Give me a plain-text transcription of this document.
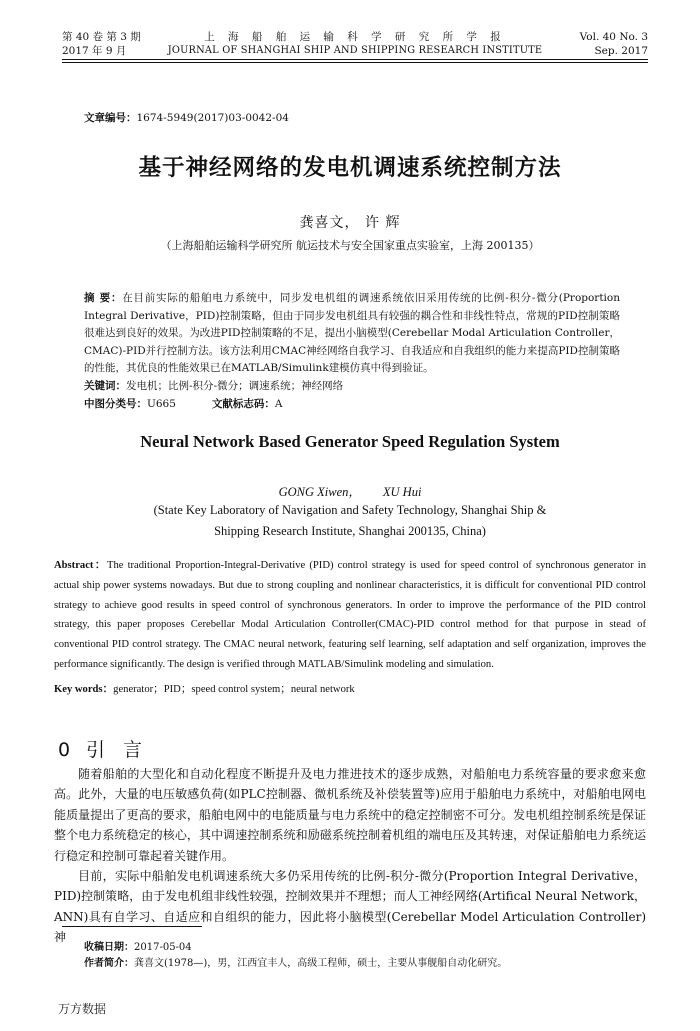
第 40 卷 第 3 期
2017 年 9 月
上 海 船 舶 运 输 科 学 研 究 所 学 报
JOURNAL OF SHANGHAI SHIP AND SHIPPING RESEARCH INSTITUTE
Vol. 40 No. 3
Sep. 2017
文章编号：1674-5949(2017)03-0042-04
基于神经网络的发电机调速系统控制方法
龚喜文， 许 辉
（上海船舶运输科学研究所 航运技术与安全国家重点实验室，上海 200135）
摘 要：在目前实际的船舶电力系统中，同步发电机组的调速系统依旧采用传统的比例-积分-微分(Proportion Integral Derivative，PID)控制策略，但由于同步发电机组具有较强的耦合性和非线性特点，常规的PID控制策略很难达到良好的效果。为改进PID控制策略的不足，提出小脑模型(Cerebellar Modal Articulation Controller，CMAC)-PID并行控制方法。该方法利用CMAC神经网络自我学习、自我适应和自我组织的能力来提高PID控制策略的性能，其优良的性能效果已在MATLAB/Simulink建模仿真中得到验证。
关键词：发电机；比例-积分-微分；调速系统；神经网络
中图分类号：U665	文献标志码：A
Neural Network Based Generator Speed Regulation System
GONG Xiwen， XU Hui
(State Key Laboratory of Navigation and Safety Technology, Shanghai Ship &
Shipping Research Institute, Shanghai 200135, China)
Abstract：The traditional Proportion-Integral-Derivative (PID) control strategy is used for speed control of synchronous generator in actual ship power systems nowadays. But due to strong coupling and nonlinear characteristics, it is difficult for conventional PID control strategy to achieve good results in speed control of synchronous generators. In order to improve the performance of the PID control strategy, this paper proposes Cerebellar Modal Articulation Controller(CMAC)-PID control method for that purpose in stead of conventional PID control strategy. The CMAC neural network, featuring self learning, self adaptation and self organization, improves the performance significantly. The design is verified through MATLAB/Simulink modeling and simulation.
Key words：generator；PID；speed control system；neural network
0 引言

随着船舶的大型化和自动化程度不断提升及电力推进技术的逐步成熟，对船舶电力系统容量的要求愈来愈高。此外，大量的电压敏感负荷(如PLC控制器、微机系统及补偿装置等)应用于船舶电力系统中，对船舶电网电能质量提出了更高的要求，船舶电网中的电能质量与电力系统中的稳定控制密不可分。发电机组控制系统是保证整个电力系统稳定的核心，其中调速控制系统和励磁系统控制着机组的端电压及其转速，对保证船舶电力系统运行稳定和控制可靠起着关键作用。

目前，实际中船舶发电机调速系统大多仍采用传统的比例-积分-微分(Proportion Integral Derivative，PID)控制策略，由于发电机组非线性较强，控制效果并不理想；而人工神经网络(Artifical Neural Network，ANN)具有自学习、自适应和自组织的能力，因此将小脑模型(Cerebellar Model Articulation Controller)神

收稿日期：2017-05-04
作者简介：龚喜文(1978—)，男，江西宜丰人，高级工程师，硕士，主要从事舰船自动化研究。
万方数据
